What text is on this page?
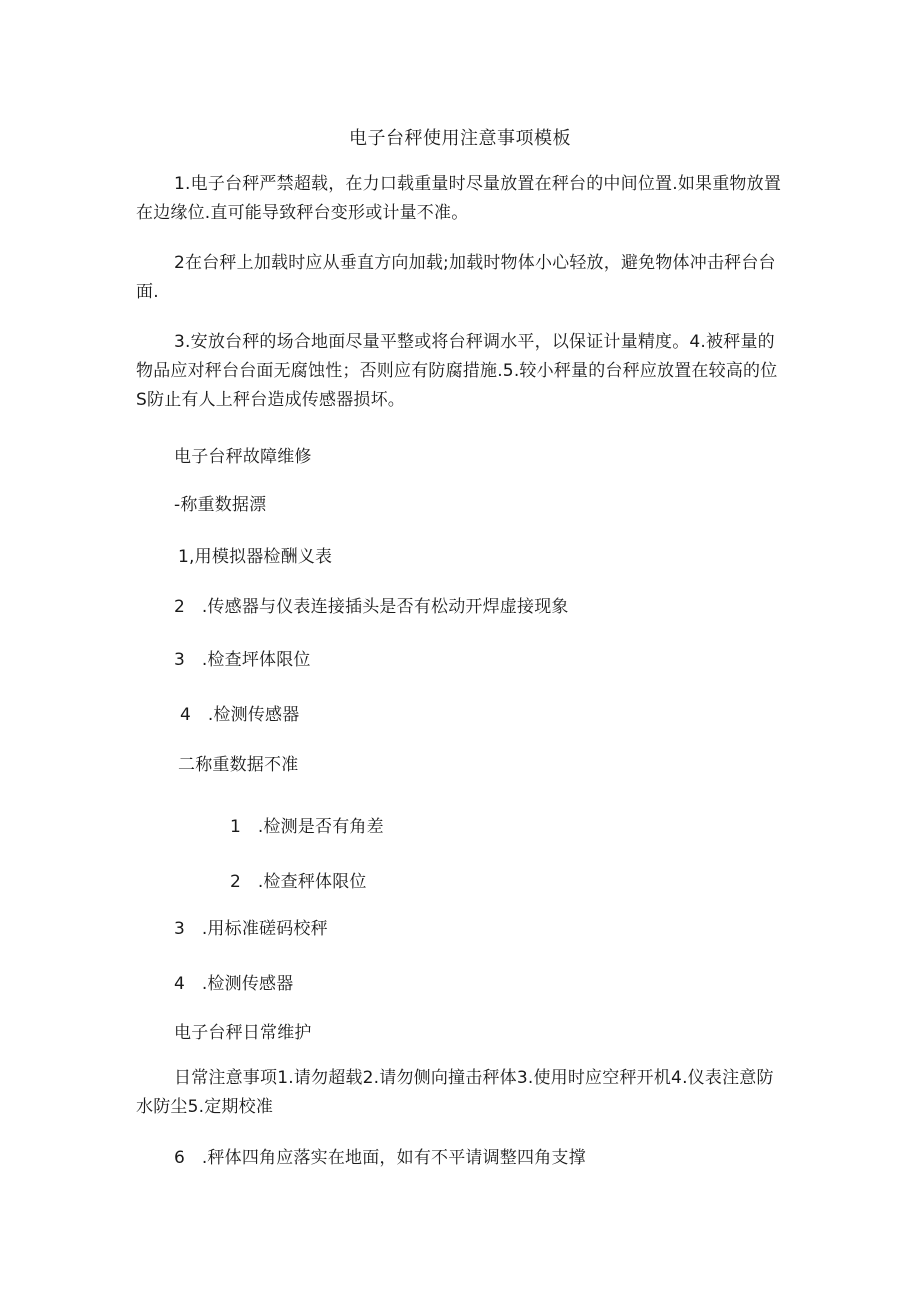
电子台秤使用注意事项模板
1.电子台秤严禁超载，在力口载重量时尽量放置在秤台的中间位置.如果重物放置在边缘位.直可能导致秤台变形或计量不准。
2在台秤上加载时应从垂直方向加载;加载时物体小心轻放，避免物体冲击秤台台面.
3.安放台秤的场合地面尽量平整或将台秤调水平，以保证计量精度。4.被秤量的物品应对秤台台面无腐蚀性；否则应有防腐措施.5.较小秤量的台秤应放置在较高的位S防止有人上秤台造成传感器损坏。
电子台秤故障维修
-称重数据漂
1,用模拟器检酬义表
2   .传感器与仪表连接插头是否有松动开焊虚接现象
3   .检查坪体限位
4   .检测传感器
二称重数据不准
1   .检测是否有角差
2   .检查秤体限位
3   .用标准磋码校秤
4   .检测传感器
电子台秤日常维护
日常注意事项1.请勿超载2.请勿侧向撞击秤体3.使用时应空秤开机4.仪表注意防水防尘5.定期校准
6   .秤体四角应落实在地面，如有不平请调整四角支撑
